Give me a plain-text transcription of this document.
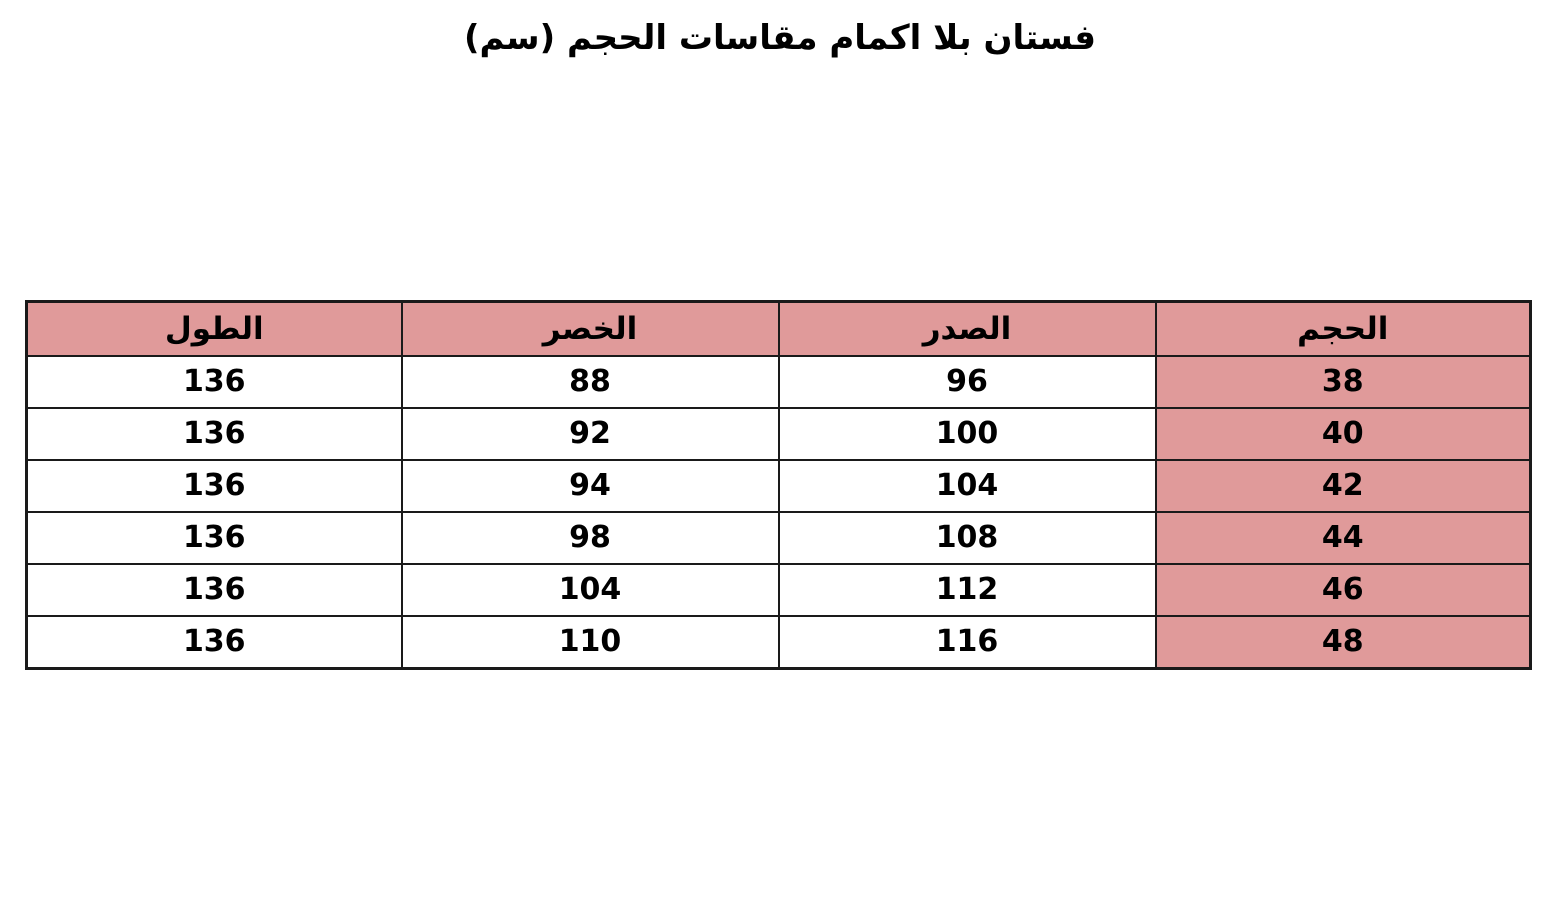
فستان بلا اكمام مقاسات الحجم (سم)
الحجم	الصدر	الخصر	الطول
38	96	88	136
40	100	92	136
42	104	94	136
44	108	98	136
46	112	104	136
48	116	110	136
